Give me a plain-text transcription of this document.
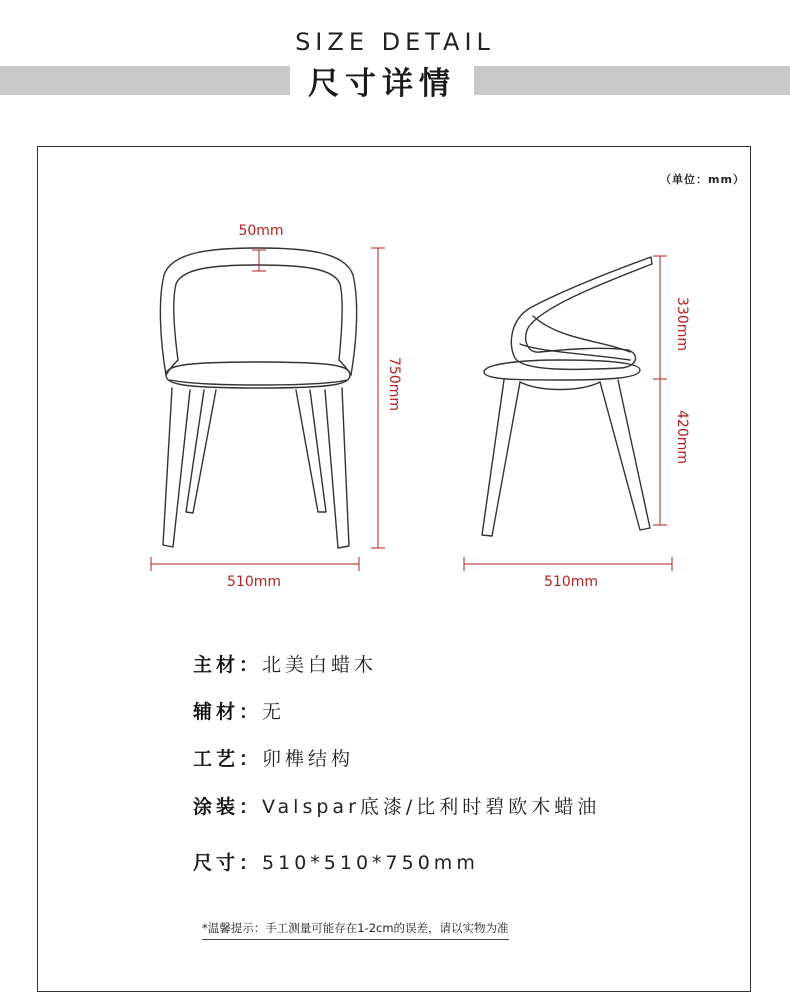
SIZE DETAIL
尺寸详情
（单位：mm）
50mm
750mm
510mm
330mm
420mm
510mm
主材：北美白蜡木
辅材：无
工艺：卯榫结构
涂装：Valspar底漆/比利时碧欧木蜡油
尺寸：510*510*750mm
*温馨提示：手工测量可能存在1-2cm的误差，请以实物为准
